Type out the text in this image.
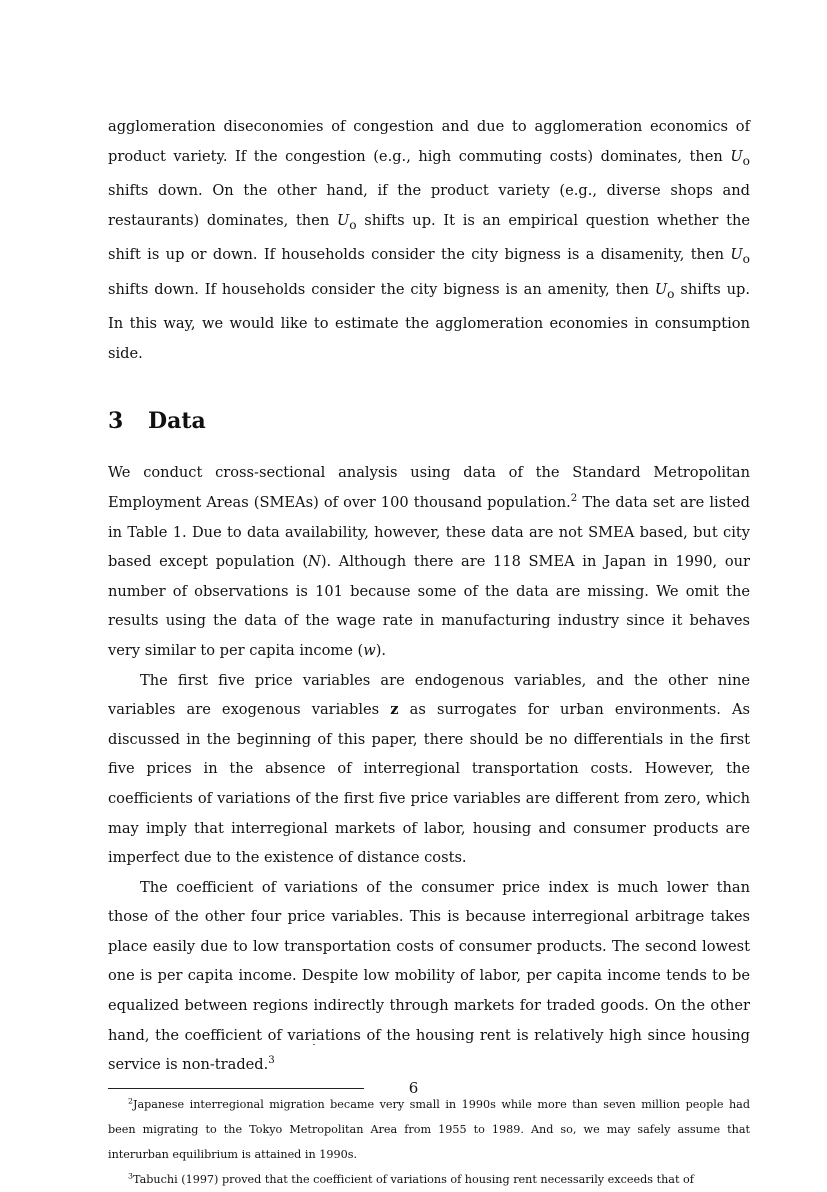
agglomeration diseconomies of congestion and due to agglomeration economics of product variety. If the congestion (e.g., high commuting costs) dominates, then $U_o$ shifts down. On the other hand, if the product variety (e.g., diverse shops and restaurants) dominates, then $U_o$ shifts up. It is an empirical question whether the shift is up or down. If households consider the city bigness is a disamenity, then $U_o$ shifts down. If households consider the city bigness is an amenity, then $U_o$ shifts up. In this way, we would like to estimate the agglomeration economies in consumption side.

3 Data

We conduct cross-sectional analysis using data of the Standard Metropolitan Employment Areas (SMEAs) of over 100 thousand population.$^2$ The data set are listed in Table 1. Due to data availability, however, these data are not SMEA based, but city based except population (N). Although there are 118 SMEA in Japan in 1990, our number of observations is 101 because some of the data are missing. We omit the results using the data of the wage rate in manufacturing industry since it behaves very similar to per capita income (w).

The first five price variables are endogenous variables, and the other nine variables are exogenous variables z as surrogates for urban environments. As discussed in the beginning of this paper, there should be no differentials in the first five prices in the absence of interregional transportation costs. However, the coefficients of variations of the first five price variables are different from zero, which may imply that interregional markets of labor, housing and consumer products are imperfect due to the existence of distance costs.

The coefficient of variations of the consumer price index is much lower than those of the other four price variables. This is because interregional arbitrage takes place easily due to low transportation costs of consumer products. The second lowest one is per capita income. Despite low mobility of labor, per capita income tends to be equalized between regions indirectly through markets for traded goods. On the other hand, the coefficient of variations of the housing rent is relatively high since housing service is non-traded.$^3$

$^2$Japanese interregional migration became very small in 1990s while more than seven million people had been migrating to the Tokyo Metropolitan Area from 1955 to 1989. And so, we may safely assume that interurban equilibrium is attained in 1990s.

$^3$Tabuchi (1997) proved that the coefficient of variations of housing rent necessarily exceeds that of

6
